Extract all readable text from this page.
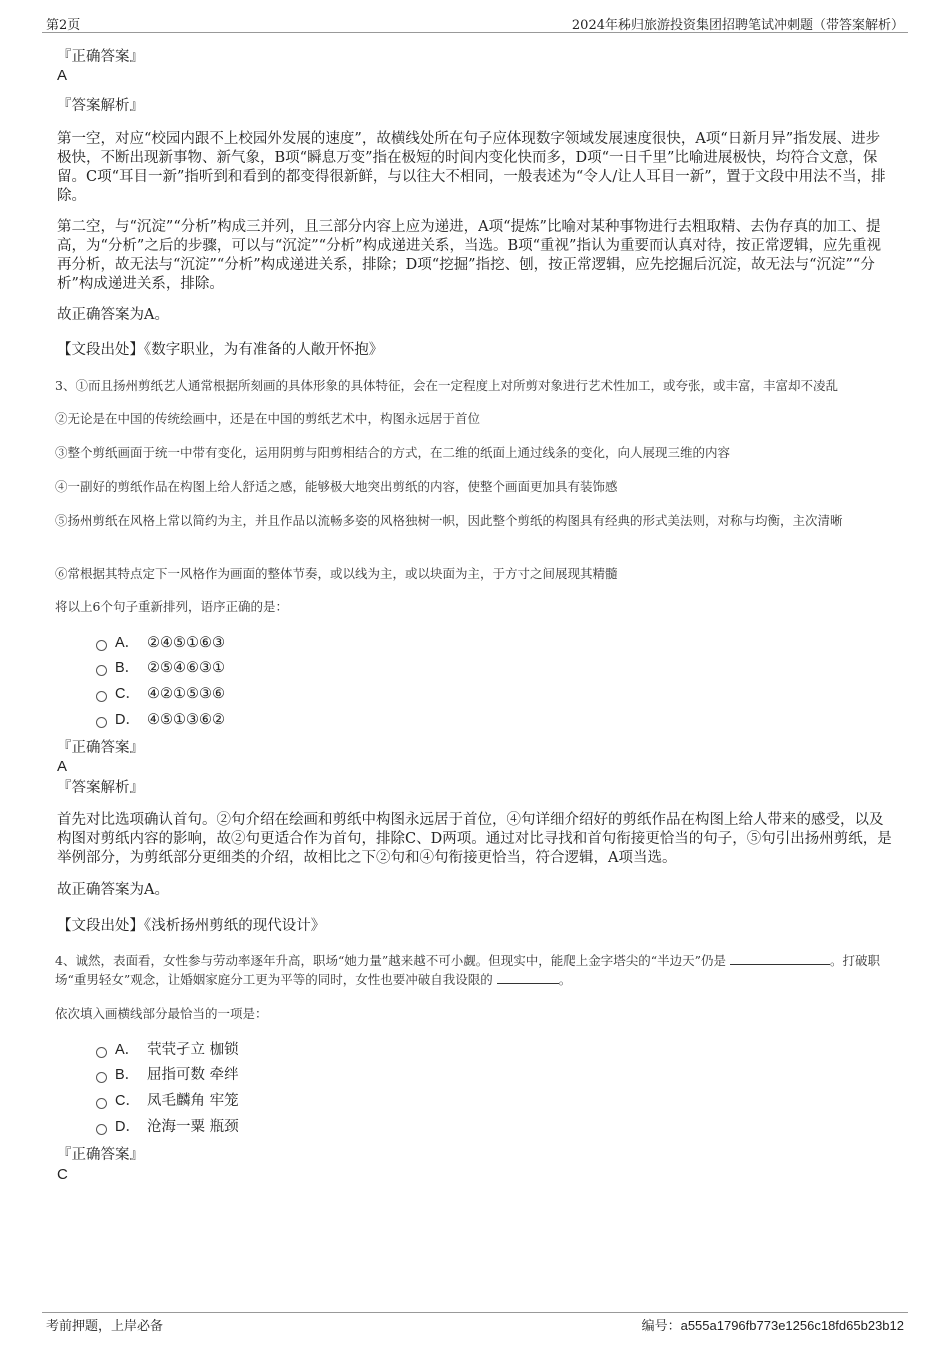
第2页	2024年秭归旅游投资集团招聘笔试冲刺题（带答案解析）
『正确答案』
A
『答案解析』

第一空，对应“校园内跟不上校园外发展的速度”，故横线处所在句子应体现数字领域发展速度很快，A项“日新月异”指发展、进步极快，不断出现新事物、新气象，B项“瞬息万变”指在极短的时间内变化快而多，D项“一日千里”比喻进展极快，均符合文意，保留。C项“耳目一新”指听到和看到的都变得很新鲜，与以往大不相同，一般表述为“令人/让人耳目一新”，置于文段中用法不当，排除。

第二空，与“沉淀”“分析”构成三并列，且三部分内容上应为递进，A项“提炼”比喻对某种事物进行去粗取精、去伪存真的加工、提高，为“分析”之后的步骤，可以与“沉淀”“分析”构成递进关系，当选。B项“重视”指认为重要而认真对待，按正常逻辑，应先重视再分析，故无法与“沉淀”“分析”构成递进关系，排除；D项“挖掘”指挖、刨，按正常逻辑，应先挖掘后沉淀，故无法与“沉淀”“分析”构成递进关系，排除。

故正确答案为A。
【文段出处】《数字职业，为有准备的人敞开怀抱》

3、①而且扬州剪纸艺人通常根据所刻画的具体形象的具体特征，会在一定程度上对所剪对象进行艺术性加工，或夸张，或丰富，丰富却不凌乱

②无论是在中国的传统绘画中，还是在中国的剪纸艺术中，构图永远居于首位

③整个剪纸画面于统一中带有变化，运用阴剪与阳剪相结合的方式，在二维的纸面上通过线条的变化，向人展现三维的内容

④一副好的剪纸作品在构图上给人舒适之感，能够极大地突出剪纸的内容，使整个画面更加具有装饰感

⑤扬州剪纸在风格上常以简约为主，并且作品以流畅多姿的风格独树一帜，因此整个剪纸的构图具有经典的形式美法则，对称与均衡，主次清晰

⑥常根据其特点定下一风格作为画面的整体节奏，或以线为主，或以块面为主，于方寸之间展现其精髓

将以上6个句子重新排列，语序正确的是：
A． ②④⑤①⑥③
B． ②⑤④⑥③①
C． ④②①⑤③⑥
D． ④⑤①③⑥②
『正确答案』
A
『答案解析』

首先对比选项确认首句。②句介绍在绘画和剪纸中构图永远居于首位，④句详细介绍好的剪纸作品在构图上给人带来的感受，以及构图对剪纸内容的影响，故②句更适合作为首句，排除C、D两项。通过对比寻找和首句衔接更恰当的句子，⑤句引出扬州剪纸，是举例部分，为剪纸部分更细类的介绍，故相比之下②句和④句衔接更恰当，符合逻辑，A项当选。

故正确答案为A。
【文段出处】《浅析扬州剪纸的现代设计》

4、诚然，表面看，女性参与劳动率逐年升高，职场“她力量”越来越不可小觑。但现实中，能爬上金字塔尖的“半边天”仍是	。打破职场“重男轻女”观念，让婚姻家庭分工更为平等的同时，女性也要冲破自我设限的	。

依次填入画横线部分最恰当的一项是：
A． 茕茕孑立 枷锁
B． 屈指可数 牵绊
C． 凤毛麟角 牢笼
D． 沧海一粟 瓶颈
『正确答案』
C
考前押题，上岸必备	编号：a555a1796fb773e1256c18fd65b23b12
